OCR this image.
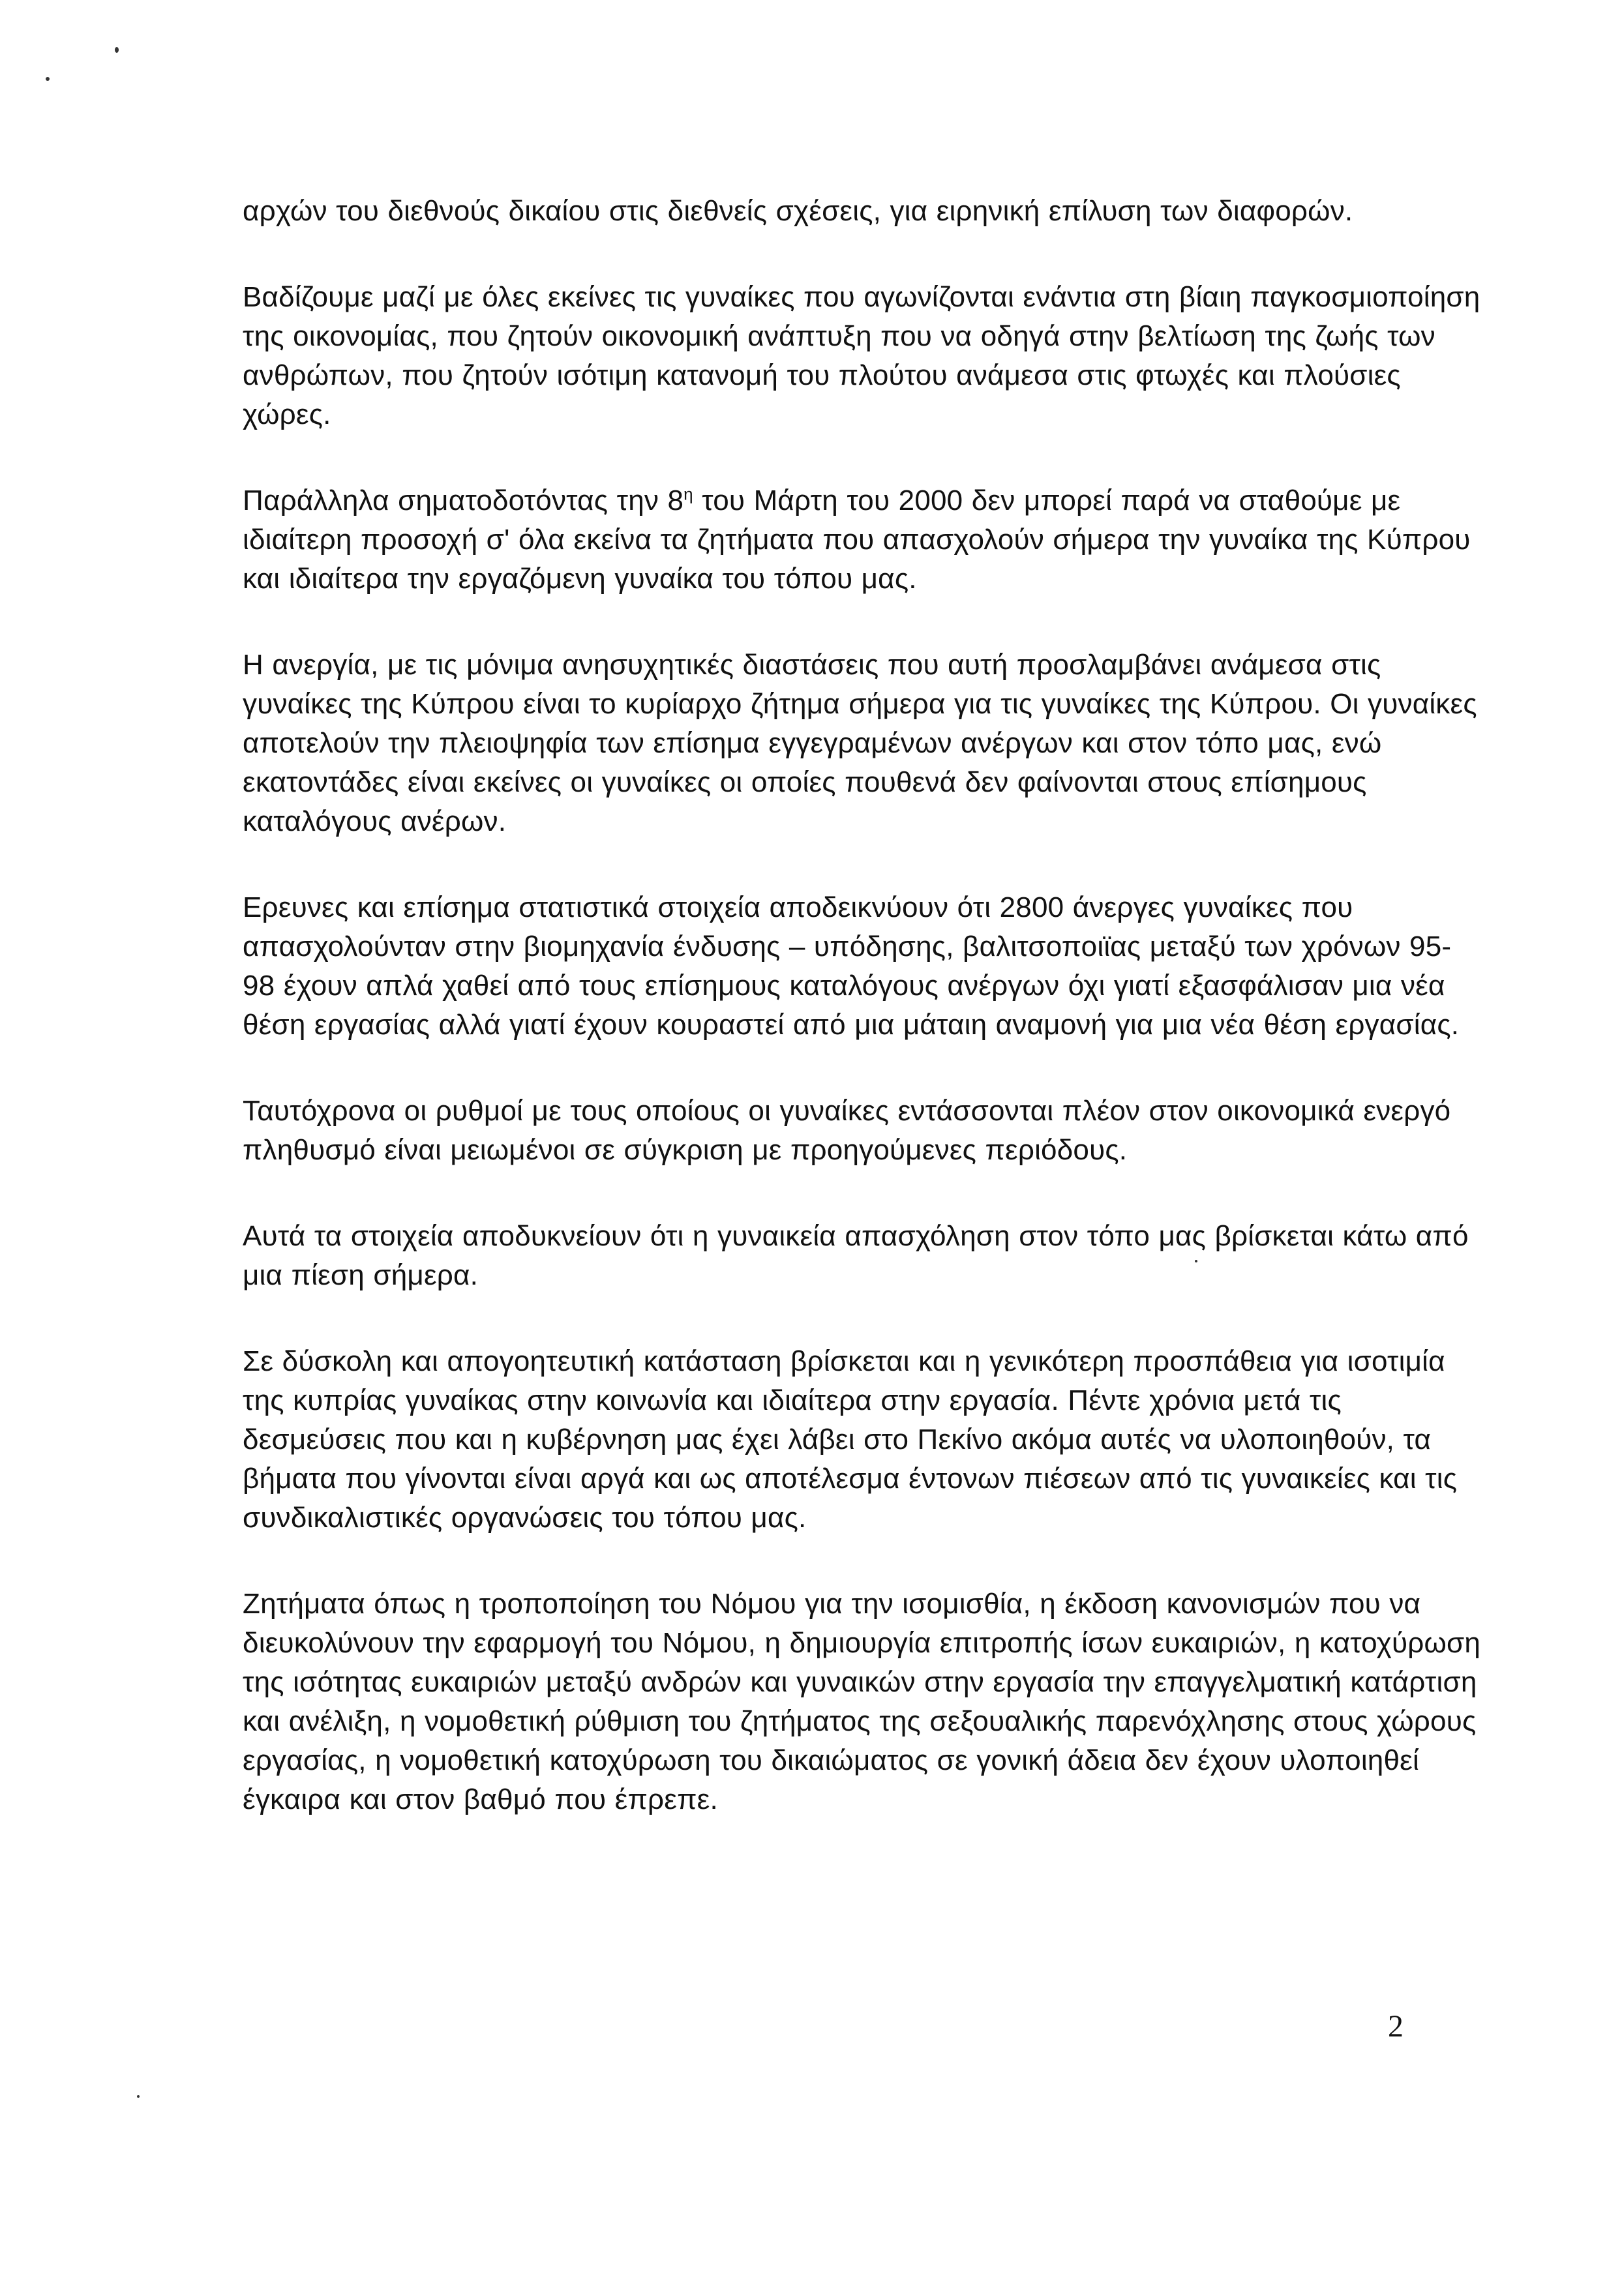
αρχών του διεθνούς δικαίου στις διεθνείς σχέσεις, για ειρηνική επίλυση των διαφορών.

Βαδίζουμε μαζί με όλες εκείνες τις γυναίκες που αγωνίζονται ενάντια στη βίαιη παγκοσμιοποίηση της οικονομίας, που ζητούν οικονομική ανάπτυξη που να οδηγά στην βελτίωση της ζωής των ανθρώπων, που ζητούν ισότιμη κατανομή του πλούτου ανάμεσα στις φτωχές και πλούσιες χώρες.

Παράλληλα σηματοδοτόντας την $8^\eta$ του Μάρτη του 2000 δεν μπορεί παρά να σταθούμε με ιδιαίτερη προσοχή σ' όλα εκείνα τα ζητήματα που απασχολούν σήμερα την γυναίκα της Κύπρου και ιδιαίτερα την εργαζόμενη γυναίκα του τόπου μας.

Η ανεργία, με τις μόνιμα ανησυχητικές διαστάσεις που αυτή προσλαμβάνει ανάμεσα στις γυναίκες της Κύπρου είναι το κυρίαρχο ζήτημα σήμερα για τις γυναίκες της Κύπρου. Οι γυναίκες αποτελούν την πλειοψηφία των επίσημα εγγεγραμένων ανέργων και στον τόπο μας, ενώ εκατοντάδες είναι εκείνες οι γυναίκες οι οποίες πουθενά δεν φαίνονται στους επίσημους καταλόγους ανέρων.

Ερευνες και επίσημα στατιστικά στοιχεία αποδεικνύουν ότι 2800 άνεργες γυναίκες που απασχολούνταν στην βιομηχανία ένδυσης – υπόδησης, βαλιτσοποιϊας μεταξύ των χρόνων 95-98 έχουν απλά χαθεί από τους επίσημους καταλόγους ανέργων όχι γιατί εξασφάλισαν μια νέα θέση εργασίας αλλά γιατί έχουν κουραστεί από μια μάταιη αναμονή για μια νέα θέση εργασίας.

Ταυτόχρονα οι ρυθμοί με τους οποίους οι γυναίκες εντάσσονται πλέον στον οικονομικά ενεργό πληθυσμό είναι μειωμένοι σε σύγκριση με προηγούμενες περιόδους.

Αυτά τα στοιχεία αποδυκνείουν ότι η γυναικεία απασχόληση στον τόπο μας βρίσκεται κάτω από μια πίεση σήμερα.

Σε δύσκολη και απογοητευτική κατάσταση βρίσκεται και η γενικότερη προσπάθεια για ισοτιμία της κυπρίας γυναίκας στην κοινωνία και ιδιαίτερα στην εργασία. Πέντε χρόνια μετά τις δεσμεύσεις που και η κυβέρνηση μας έχει λάβει στο Πεκίνο ακόμα αυτές να υλοποιηθούν, τα βήματα που γίνονται είναι αργά και ως αποτέλεσμα έντονων πιέσεων από τις γυναικείες και τις συνδικαλιστικές οργανώσεις του τόπου μας.

Ζητήματα όπως η τροποποίηση του Νόμου για την ισομισθία, η έκδοση κανονισμών που να διευκολύνουν την εφαρμογή του Νόμου, η δημιουργία επιτροπής ίσων ευκαιριών, η κατοχύρωση της ισότητας ευκαιριών μεταξύ ανδρών και γυναικών στην εργασία την επαγγελματική κατάρτιση και ανέλιξη, η νομοθετική ρύθμιση του ζητήματος της σεξουαλικής παρενόχλησης στους χώρους εργασίας, η νομοθετική κατοχύρωση του δικαιώματος σε γονική άδεια δεν έχουν υλοποιηθεί έγκαιρα και στον βαθμό που έπρεπε.

2
